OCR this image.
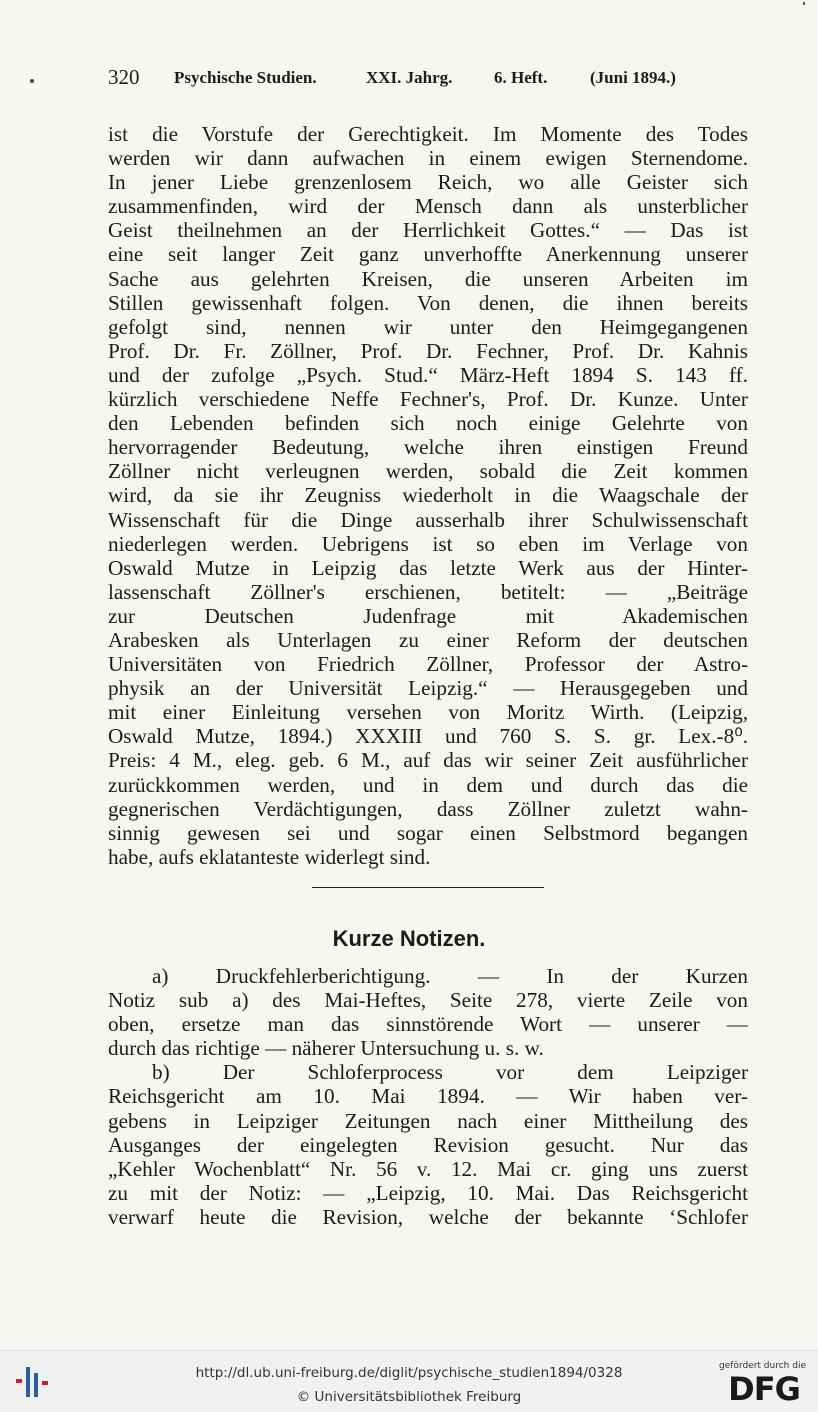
320 Psychische Studien.	XXI. Jahrg. 6. Heft.	(Juni 1894.)
ist die Vorstufe der Gerechtigkeit. Im Momente des Todes
werden wir dann aufwachen in einem ewigen Sternendome.
In jener Liebe grenzenlosem Reich, wo alle Geister sich
zusammenfinden, wird der Mensch dann als unsterblicher
Geist theilnehmen an der Herrlichkeit Gottes.“ — Das ist
eine seit langer Zeit ganz unverhoffte Anerkennung unserer
Sache aus gelehrten Kreisen, die unseren Arbeiten im
Stillen gewissenhaft folgen. Von denen, die ihnen bereits
gefolgt sind, nennen wir unter den Heimgegangenen
Prof. Dr. Fr. Zöllner, Prof. Dr. Fechner, Prof. Dr. Kahnis
und der zufolge „Psych. Stud.“ März-Heft 1894 S. 143 ff.
kürzlich verschiedene Neffe Fechner's, Prof. Dr. Kunze. Unter
den Lebenden befinden sich noch einige Gelehrte von
hervorragender Bedeutung, welche ihren einstigen Freund
Zöllner nicht verleugnen werden, sobald die Zeit kommen
wird, da sie ihr Zeugniss wiederholt in die Waagschale der
Wissenschaft für die Dinge ausserhalb ihrer Schulwissenschaft
niederlegen werden. Uebrigens ist so eben im Verlage von
Oswald Mutze in Leipzig das letzte Werk aus der Hinter-
lassenschaft Zöllner's erschienen, betitelt: — „Beiträge
zur Deutschen Judenfrage mit Akademischen
Arabesken als Unterlagen zu einer Reform der deutschen
Universitäten von Friedrich Zöllner, Professor der Astro-
physik an der Universität Leipzig.“ — Herausgegeben und
mit einer Einleitung versehen von Moritz Wirth. (Leipzig,
Oswald Mutze, 1894.) XXXIII und 760 S. S. gr. Lex.-8⁰.
Preis: 4 M., eleg. geb. 6 M., auf das wir seiner Zeit ausführlicher
zurückkommen werden, und in dem und durch das die
gegnerischen Verdächtigungen, dass Zöllner zuletzt wahn-
sinnig gewesen sei und sogar einen Selbstmord begangen
habe, aufs eklatanteste widerlegt sind.
Kurze Notizen.
a) Druckfehlerberichtigung. — In der Kurzen
Notiz sub a) des Mai-Heftes, Seite 278, vierte Zeile von
oben, ersetze man das sinnstörende Wort — unserer —
durch das richtige — näherer Untersuchung u. s. w.
b) Der Schloferprocess vor dem Leipziger
Reichsgericht am 10. Mai 1894. — Wir haben ver-
gebens in Leipziger Zeitungen nach einer Mittheilung des
Ausganges der eingelegten Revision gesucht. Nur das
„Kehler Wochenblatt“ Nr. 56 v. 12. Mai cr. ging uns zuerst
zu mit der Notiz: — „Leipzig, 10. Mai. Das Reichsgericht
verwarf heute die Revision, welche der bekannte ‘Schlofer
http://dl.ub.uni-freiburg.de/diglit/psychische_studien1894/0328
© Universitätsbibliothek Freiburg
gefördert durch die
DFG
